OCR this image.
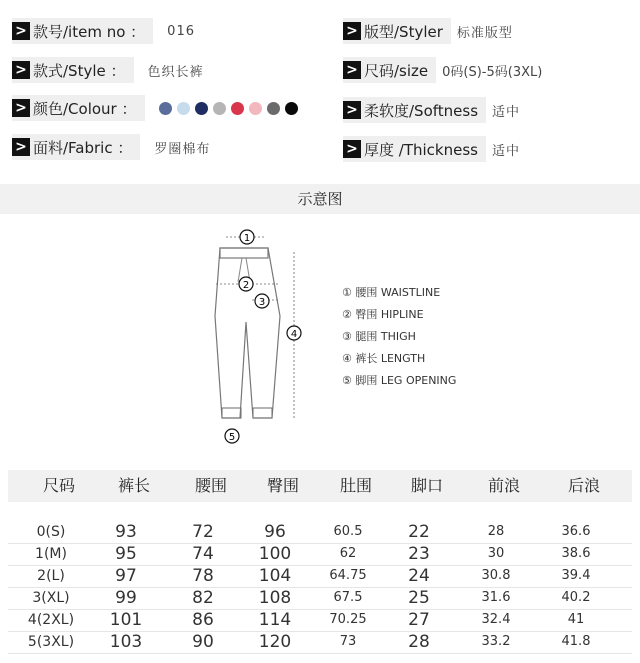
> 款号/item no ： 016
> 款式/Style ： 色织长裤
> 颜色/Colour ：
> 面料/Fabric ： 罗圈棉布
> 版型/Styler 标准版型
> 尺码/size 0码(S)-5码(3XL)
> 柔软度/Softness 适中
> 厚度 /Thickness 适中
示意图
1
2
3
4
5
① 腰围 WAISTLINE
② 臀围 HIPLINE
③ 腿围 THIGH
④ 裤长 LENGTH
⑤ 脚围 LEG OPENING
尺码	裤长	腰围	臀围	肚围	脚口	前浪	后浪
0(S)	93	72	96	60.5	22	28	36.6
1(M)	95	74	100	62	23	30	38.6
2(L)	97	78	104	64.75	24	30.8	39.4
3(XL)	99	82	108	67.5	25	31.6	40.2
4(2XL)	101	86	114	70.25	27	32.4	41
5(3XL)	103	90	120	73	28	33.2	41.8
